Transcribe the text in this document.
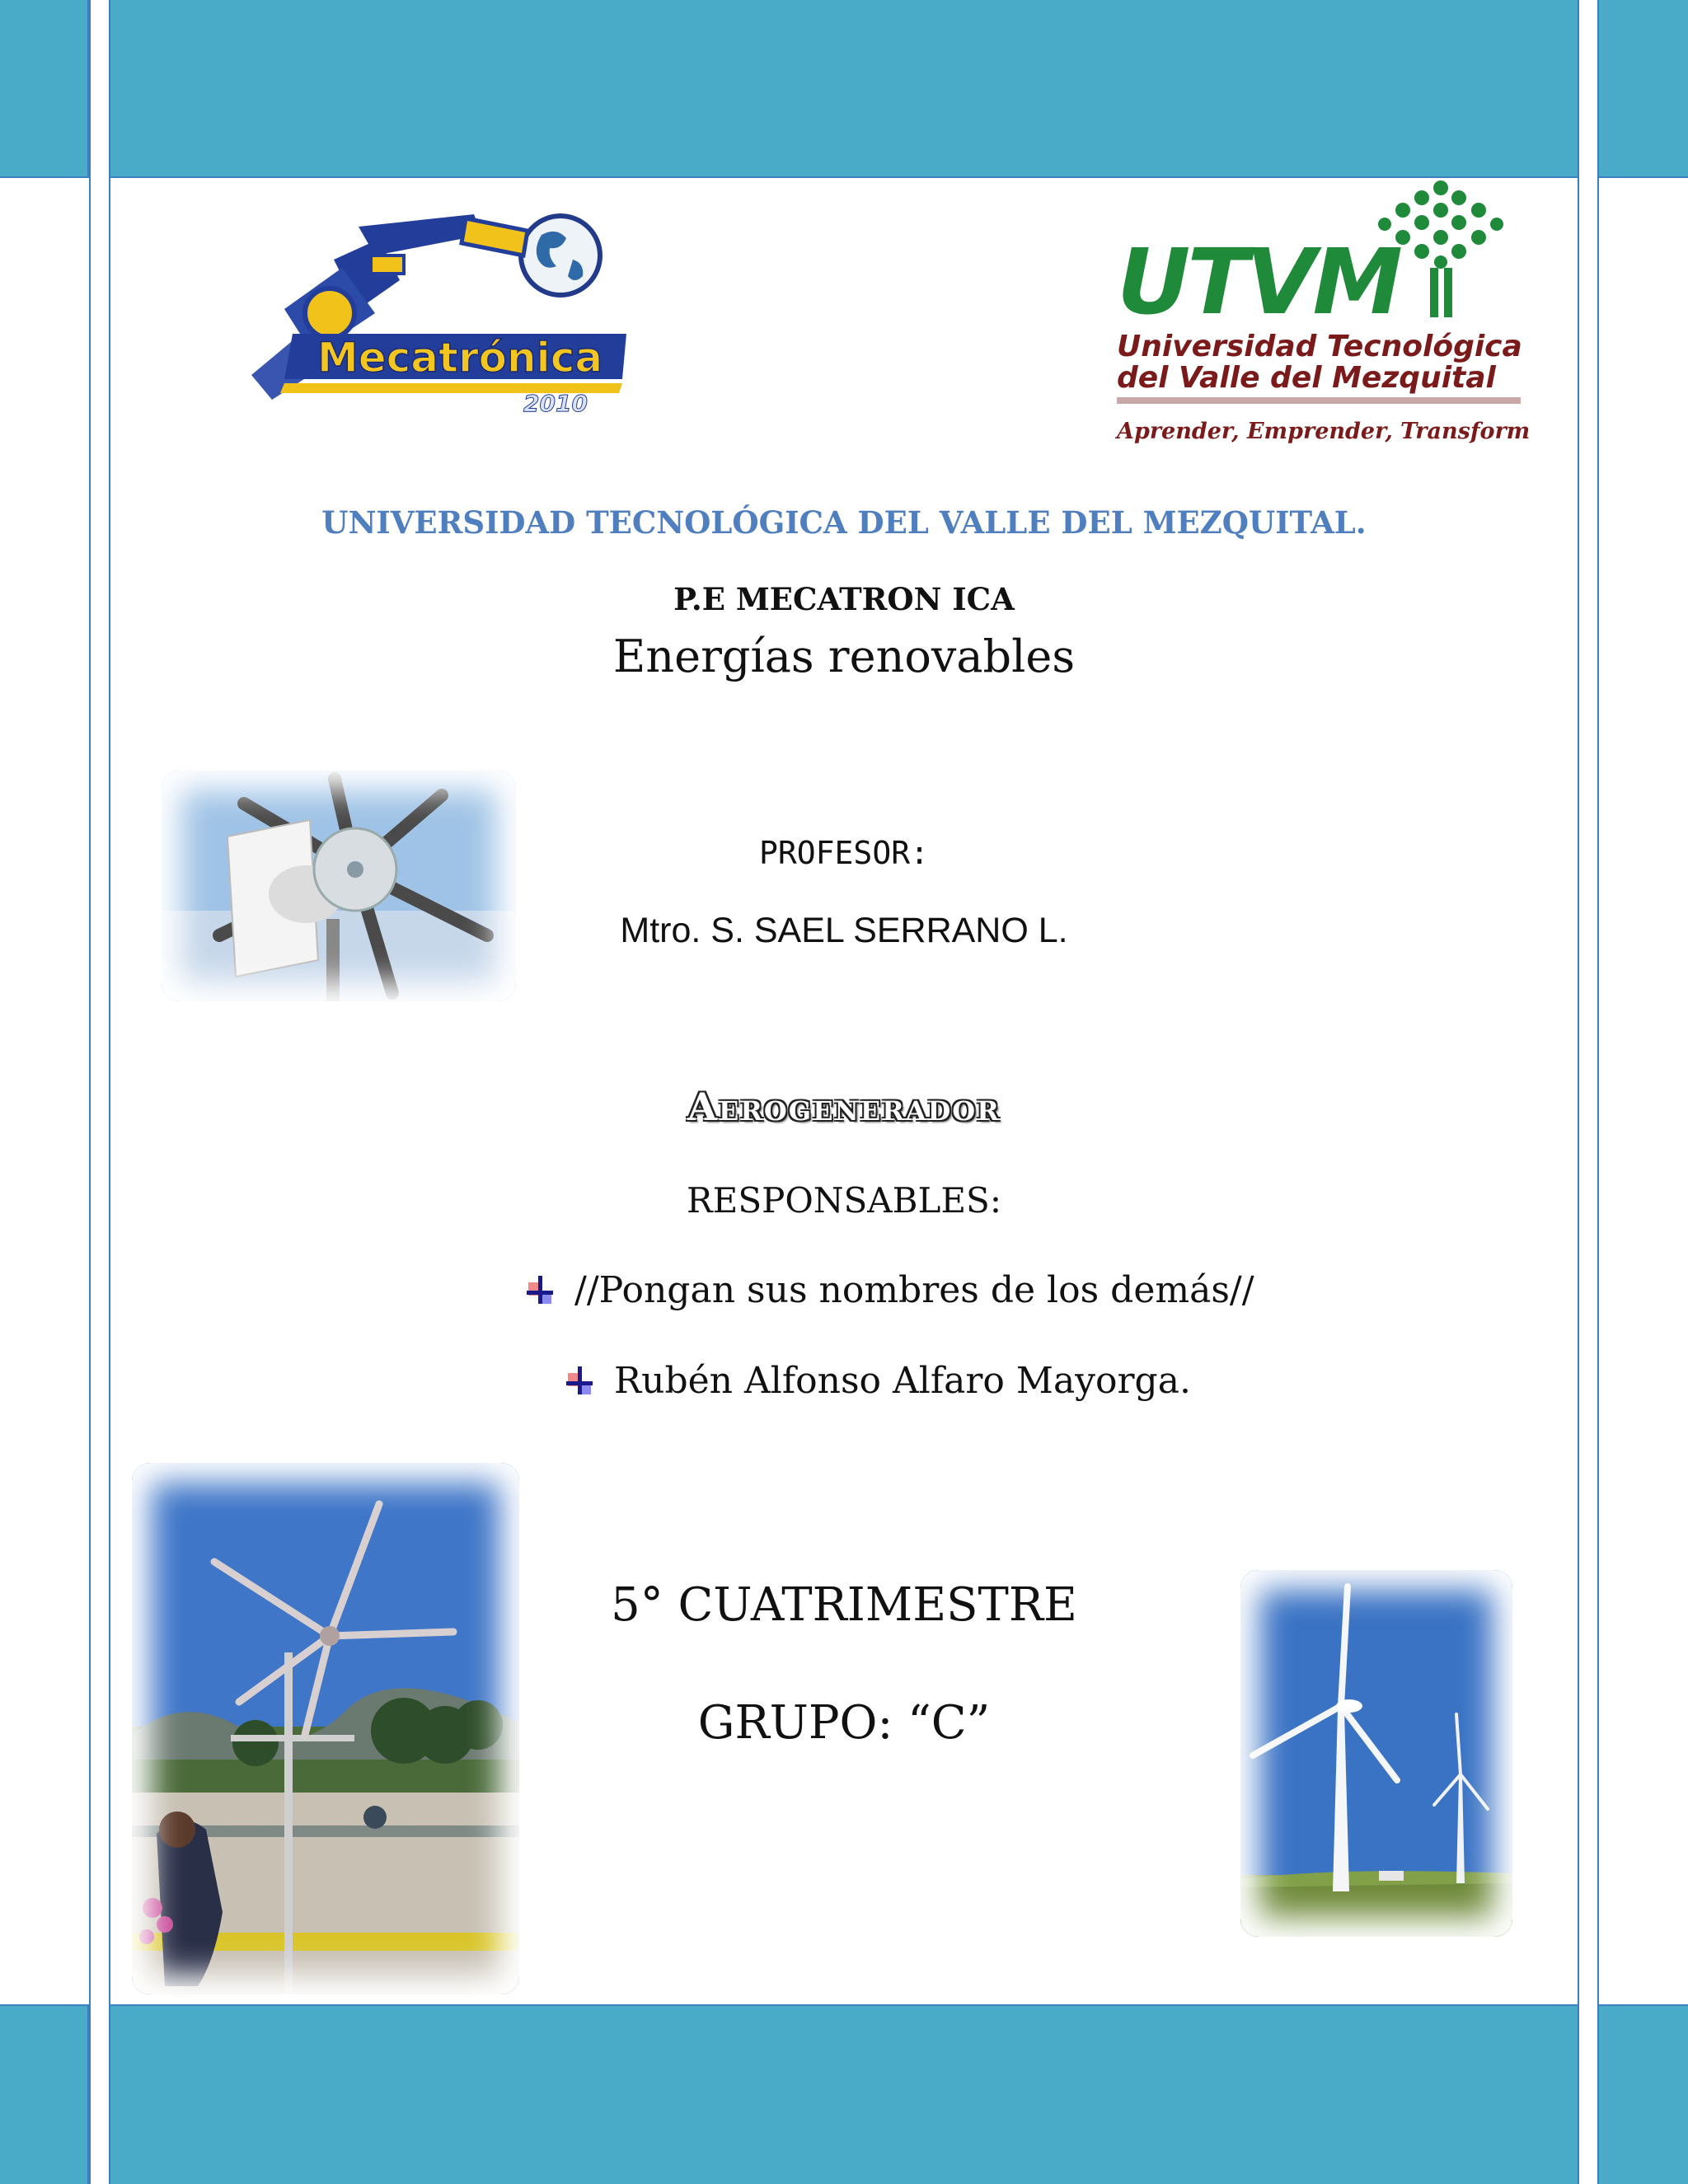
Mecatrónica
2010
UTVM
Universidad Tecnológica
del Valle del Mezquital
Aprender, Emprender, Transformar
UNIVERSIDAD TECNOLÓGICA DEL VALLE DEL MEZQUITAL.
P.E MECATRON ICA
Energías renovables
PROFESOR:
Mtro. S. SAEL SERRANO L.
Aerogenerador
RESPONSABLES:
//Pongan sus nombres de los demás//
Rubén Alfonso Alfaro Mayorga.
5° CUATRIMESTRE
GRUPO: “C”
